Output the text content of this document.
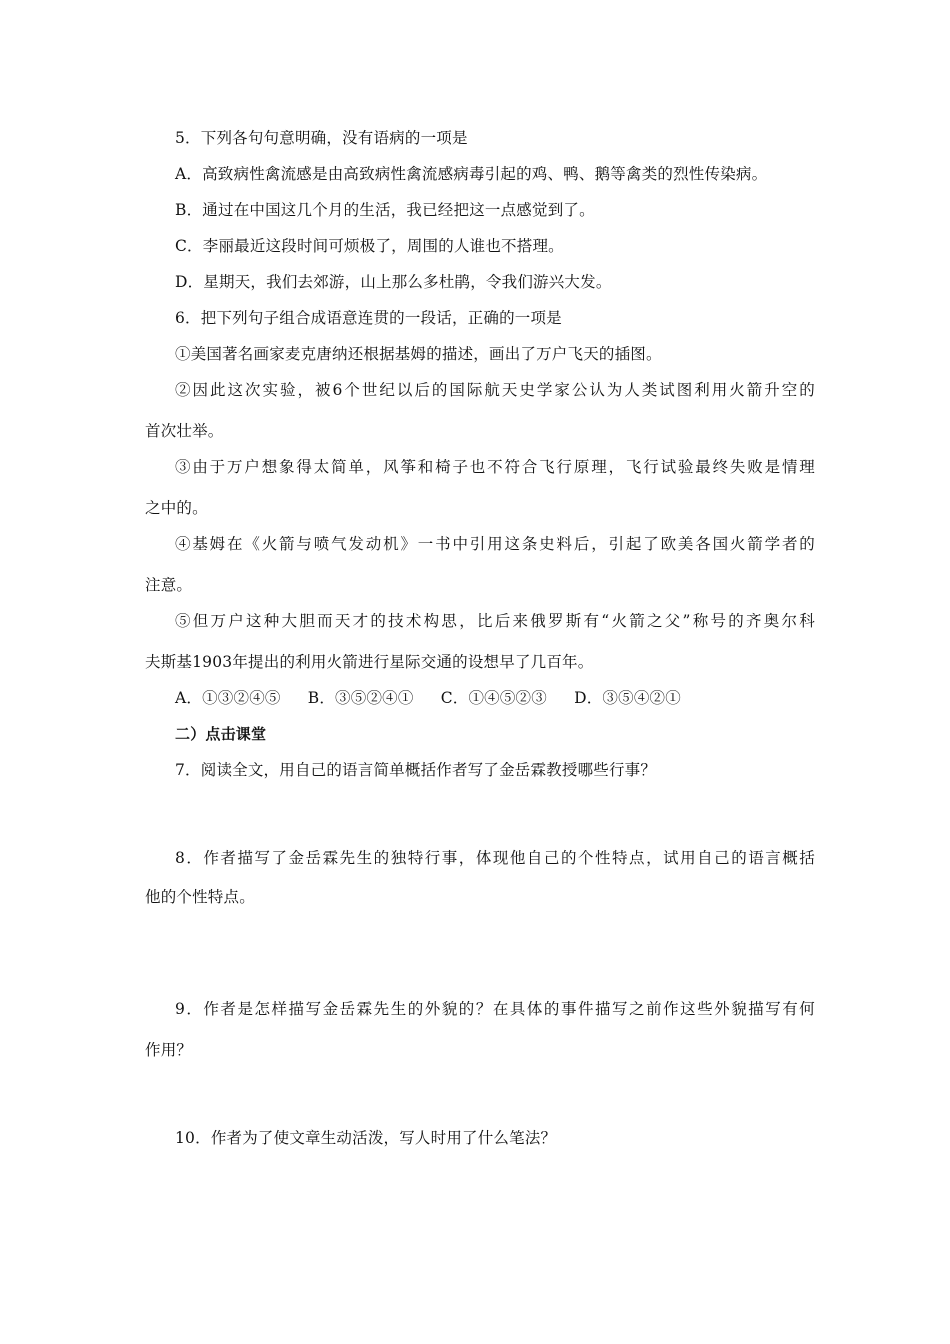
5．下列各句句意明确，没有语病的一项是
A．高致病性禽流感是由高致病性禽流感病毒引起的鸡、鸭、鹅等禽类的烈性传染病。
B．通过在中国这几个月的生活，我已经把这一点感觉到了。
C．李丽最近这段时间可烦极了，周围的人谁也不搭理。
D．星期天，我们去郊游，山上那么多杜鹃，令我们游兴大发。
6．把下列句子组合成语意连贯的一段话，正确的一项是
①美国著名画家麦克唐纳还根据基姆的描述，画出了万户飞天的插图。
②因此这次实验，被6个世纪以后的国际航天史学家公认为人类试图利用火箭升空的
首次壮举。
③由于万户想象得太简单，风筝和椅子也不符合飞行原理，飞行试验最终失败是情理
之中的。
④基姆在《火箭与喷气发动机》一书中引用这条史料后，引起了欧美各国火箭学者的
注意。
⑤但万户这种大胆而天才的技术构思，比后来俄罗斯有“火箭之父”称号的齐奥尔科
夫斯基1903年提出的利用火箭进行星际交通的设想早了几百年。
A．①③②④⑤ B．③⑤②④① C．①④⑤②③ D．③⑤④②①
二）点击课堂
7．阅读全文，用自己的语言简单概括作者写了金岳霖教授哪些行事？
8．作者描写了金岳霖先生的独特行事，体现他自己的个性特点，试用自己的语言概括
他的个性特点。
9．作者是怎样描写金岳霖先生的外貌的？在具体的事件描写之前作这些外貌描写有何
作用？
10．作者为了使文章生动活泼，写人时用了什么笔法？
